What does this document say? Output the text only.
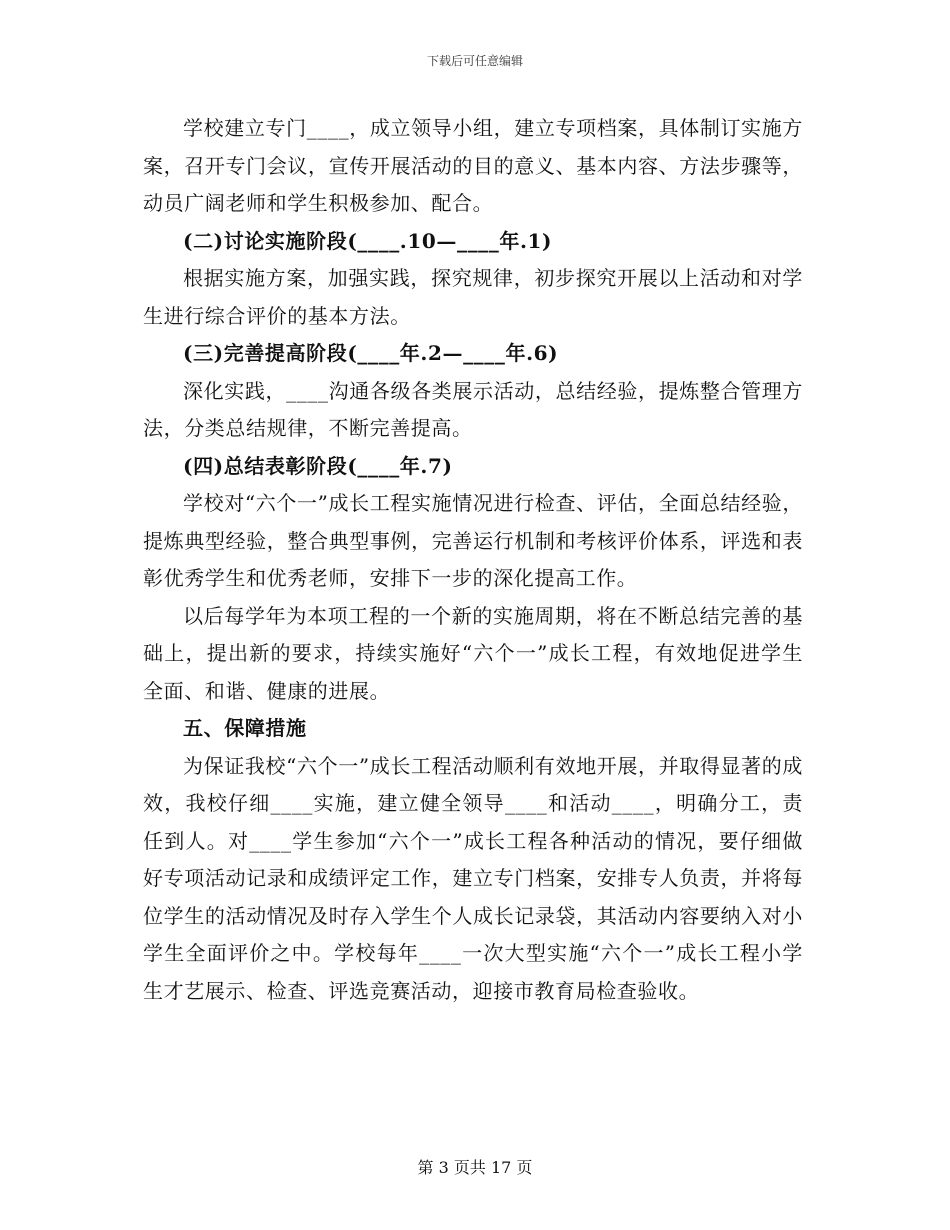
下载后可任意编辑

学校建立专门____，成立领导小组，建立专项档案，具体制订实施方案，召开专门会议，宣传开展活动的目的意义、基本内容、方法步骤等，动员广阔老师和学生积极参加、配合。

(二)讨论实施阶段(____.10—____年.1)

根据实施方案，加强实践，探究规律，初步探究开展以上活动和对学生进行综合评价的基本方法。

(三)完善提高阶段(____年.2—____年.6)

深化实践，____沟通各级各类展示活动，总结经验，提炼整合管理方法，分类总结规律，不断完善提高。

(四)总结表彰阶段(____年.7)

学校对“六个一”成长工程实施情况进行检查、评估，全面总结经验，提炼典型经验，整合典型事例，完善运行机制和考核评价体系，评选和表彰优秀学生和优秀老师，安排下一步的深化提高工作。

以后每学年为本项工程的一个新的实施周期，将在不断总结完善的基础上，提出新的要求，持续实施好“六个一”成长工程，有效地促进学生全面、和谐、健康的进展。

五、保障措施

为保证我校“六个一”成长工程活动顺利有效地开展，并取得显著的成效，我校仔细____实施，建立健全领导____和活动____，明确分工，责任到人。对____学生参加“六个一”成长工程各种活动的情况，要仔细做好专项活动记录和成绩评定工作，建立专门档案，安排专人负责，并将每位学生的活动情况及时存入学生个人成长记录袋，其活动内容要纳入对小学生全面评价之中。学校每年____一次大型实施“六个一”成长工程小学生才艺展示、检查、评选竞赛活动，迎接市教育局检查验收。

第 3 页共 17 页
